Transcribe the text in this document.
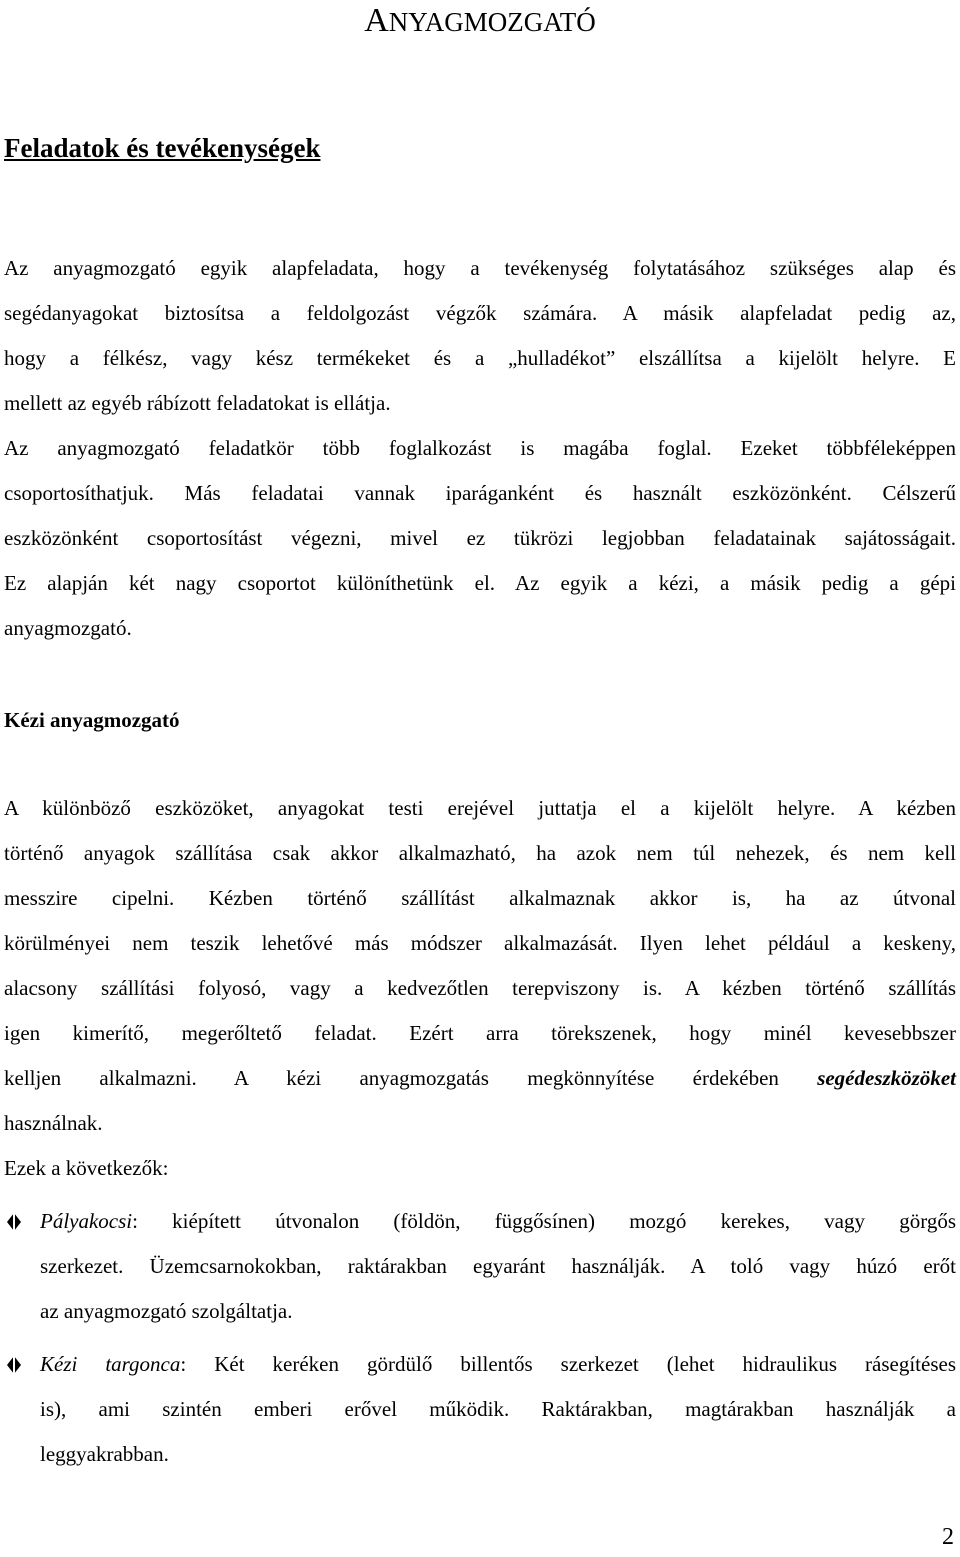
ANYAGMOZGATÓ
Feladatok és tevékenységek
Az anyagmozgató egyik alapfeladata, hogy a tevékenység folytatásához szükséges alap és
segédanyagokat biztosítsa a feldolgozást végzők számára. A másik alapfeladat pedig az,
hogy a félkész, vagy kész termékeket és a „hulladékot” elszállítsa a kijelölt helyre. E
mellett az egyéb rábízott feladatokat is ellátja.
Az anyagmozgató feladatkör több foglalkozást is magába foglal. Ezeket többféleképpen
csoportosíthatjuk. Más feladatai vannak iparáganként és használt eszközönként. Célszerű
eszközönként csoportosítást végezni, mivel ez tükrözi legjobban feladatainak sajátosságait.
Ez alapján két nagy csoportot különíthetünk el. Az egyik a kézi, a másik pedig a gépi
anyagmozgató.
Kézi anyagmozgató
A különböző eszközöket, anyagokat testi erejével juttatja el a kijelölt helyre. A kézben
történő anyagok szállítása csak akkor alkalmazható, ha azok nem túl nehezek, és nem kell
messzire cipelni. Kézben történő szállítást alkalmaznak akkor is, ha az útvonal
körülményei nem teszik lehetővé más módszer alkalmazását. Ilyen lehet például a keskeny,
alacsony szállítási folyosó, vagy a kedvezőtlen terepviszony is. A kézben történő szállítás
igen kimerítő, megerőltető feladat. Ezért arra törekszenek, hogy minél kevesebbszer
kelljen alkalmazni. A kézi anyagmozgatás megkönnyítése érdekében segédeszközöket
használnak.
Ezek a következők:
Pályakocsi: kiépített útvonalon (földön, függősínen) mozgó kerekes, vagy görgős
szerkezet. Üzemcsarnokokban, raktárakban egyaránt használják. A toló vagy húzó erőt
az anyagmozgató szolgáltatja.
Kézi targonca: Két keréken gördülő billentős szerkezet (lehet hidraulikus rásegítéses
is), ami szintén emberi erővel működik. Raktárakban, magtárakban használják a
leggyakrabban.
2
